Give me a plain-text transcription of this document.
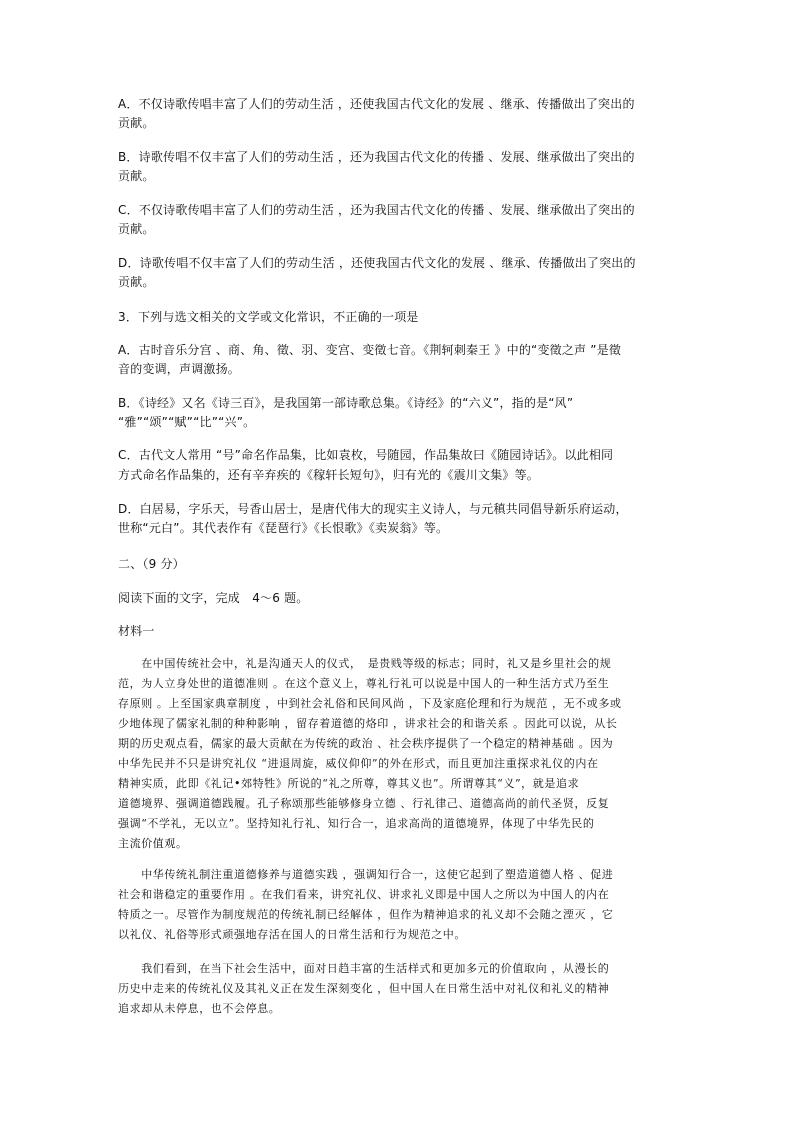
A．不仅诗歌传唱丰富了人们的劳动生活 ，还使我国古代文化的发展 、继承、传播做出了突出的
贡献。
B．诗歌传唱不仅丰富了人们的劳动生活 ，还为我国古代文化的传播 、发展、继承做出了突出的
贡献。
C．不仅诗歌传唱丰富了人们的劳动生活 ，还为我国古代文化的传播 、发展、继承做出了突出的
贡献。
D．诗歌传唱不仅丰富了人们的劳动生活 ，还使我国古代文化的发展 、继承、传播做出了突出的
贡献。
3．下列与选文相关的文学或文化常识，不正确的一项是
A．古时音乐分宫 、商、角、徵、羽、变宫、变徵七音。《荆轲刺秦王 》中的“变徵之声 ”是徵
音的变调，声调激扬。
B．《诗经》又名《诗三百》，是我国第一部诗歌总集。《诗经》的“六义”，指的是“风”
“雅”“颂”“赋”“比”“兴”。
C．古代文人常用 “号”命名作品集，比如袁枚，号随园，作品集故曰《随园诗话》。以此相同
方式命名作品集的，还有辛弃疾的《稼轩长短句》，归有光的《震川文集》等。
D．白居易，字乐天，号香山居士，是唐代伟大的现实主义诗人，与元稹共同倡导新乐府运动，
世称“元白”。其代表作有《琵琶行》《长恨歌》《卖炭翁》等。
二、（9 分）
阅读下面的文字，完成　4～6 题。
材料一
　　在中国传统社会中，礼是沟通天人的仪式，　是贵贱等级的标志；同时，礼又是乡里社会的规
范，为人立身处世的道德准则 。在这个意义上，尊礼行礼可以说是中国人的一种生活方式乃至生
存原则 。上至国家典章制度 ，中到社会礼俗和民间风尚 ，下及家庭伦理和行为规范 ，无不或多或
少地体现了儒家礼制的种种影响 ，留存着道德的烙印 ，讲求社会的和谐关系 。因此可以说，从长
期的历史观点看，儒家的最大贡献在为传统的政治 、社会秩序提供了一个稳定的精神基础 。因为
中华先民并不只是讲究礼仪 “进退周旋，威仪仰仰”的外在形式，而且更加注重探求礼仪的内在
精神实质，此即《礼记•郊特牲》所说的“礼之所尊，尊其义也”。所谓尊其“义”，就是追求
道德境界、强调道德践履。孔子称颂那些能够修身立德 、行礼律己、道德高尚的前代圣贤，反复
强调“不学礼，无以立”。坚持知礼行礼、知行合一，追求高尚的道德境界，体现了中华先民的
主流价值观。
　　中华传统礼制注重道德修养与道德实践 ，强调知行合一，这使它起到了塑造道德人格 、促进
社会和谐稳定的重要作用 。在我们看来，讲究礼仪、讲求礼义即是中国人之所以为中国人的内在
特质之一。尽管作为制度规范的传统礼制已经解体 ，但作为精神追求的礼义却不会随之湮灭 ，它
以礼仪、礼俗等形式顽强地存活在国人的日常生活和行为规范之中。
　　我们看到，在当下社会生活中，面对日趋丰富的生活样式和更加多元的价值取向 ，从漫长的
历史中走来的传统礼仪及其礼义正在发生深刻变化 ，但中国人在日常生活中对礼仪和礼义的精神
追求却从未停息，也不会停息。
